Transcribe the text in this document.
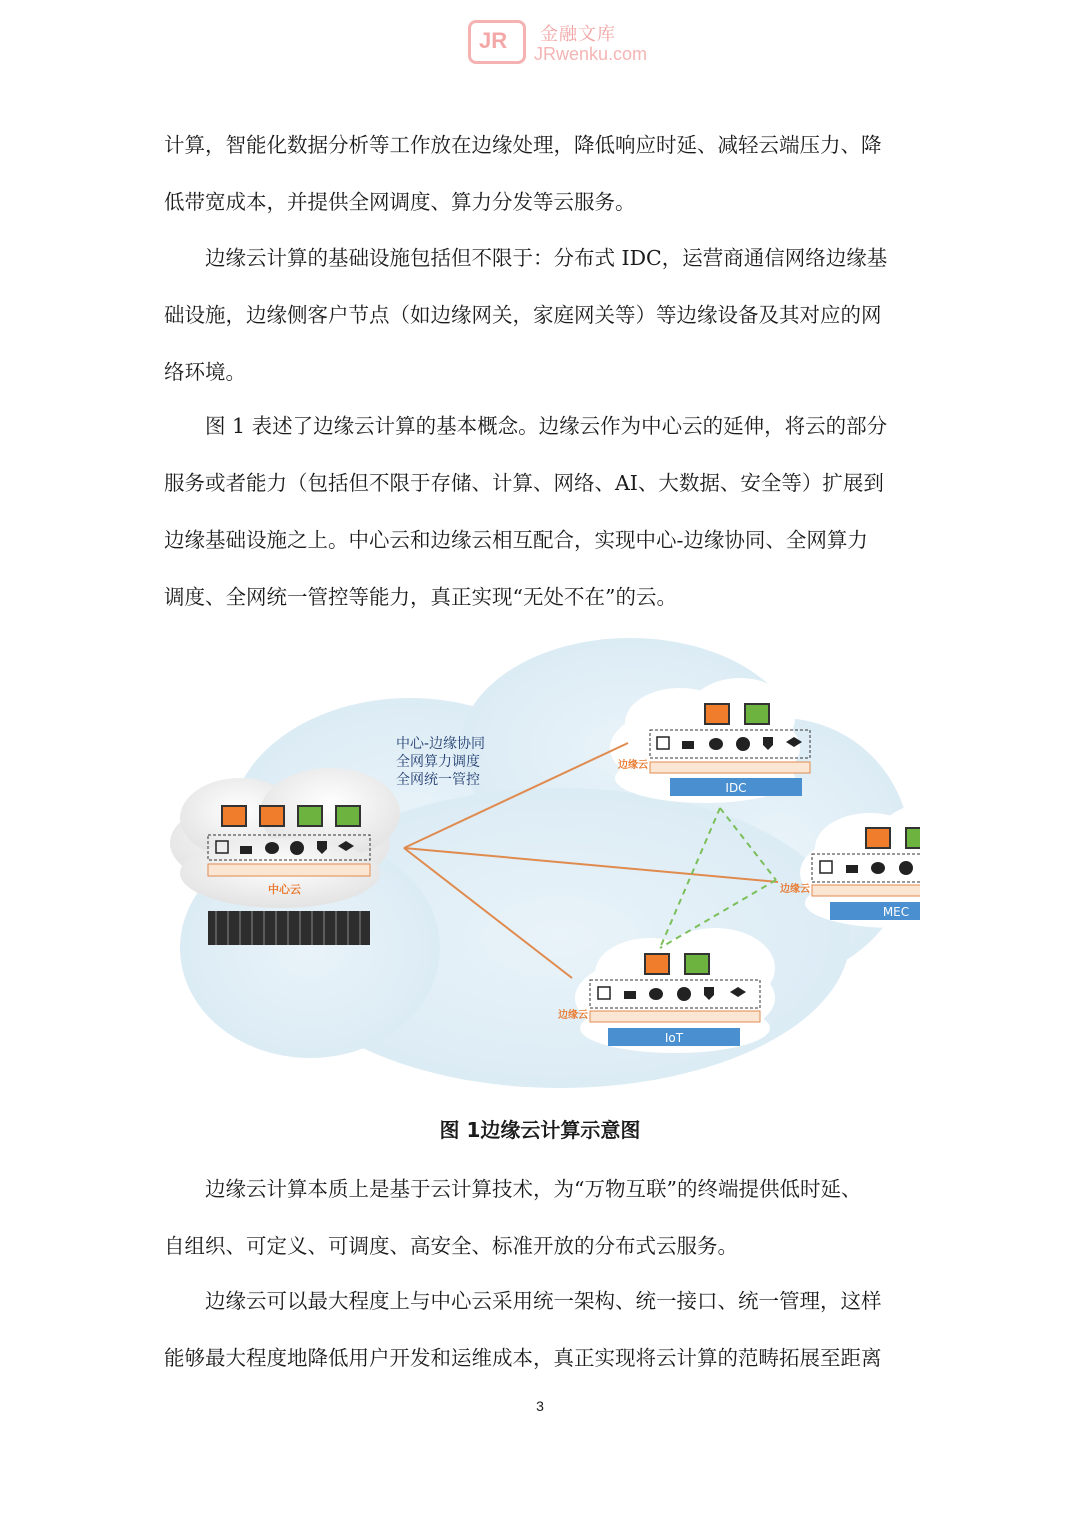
JR 金融文库
JRwenku.com
计算，智能化数据分析等工作放在边缘处理，降低响应时延、减轻云端压力、降
低带宽成本，并提供全网调度、算力分发等云服务。
　　边缘云计算的基础设施包括但不限于：分布式 IDC，运营商通信网络边缘基
础设施，边缘侧客户节点（如边缘网关，家庭网关等）等边缘设备及其对应的网
络环境。
　　图 1 表述了边缘云计算的基本概念。边缘云作为中心云的延伸，将云的部分
服务或者能力（包括但不限于存储、计算、网络、AI、大数据、安全等）扩展到
边缘基础设施之上。中心云和边缘云相互配合，实现中心-边缘协同、全网算力
调度、全网统一管控等能力，真正实现“无处不在”的云。
中心-边缘协同
全网算力调度
全网统一管控
中心云
边缘云
IDC
边缘云
MEC
边缘云
IoT
图 1边缘云计算示意图
　　边缘云计算本质上是基于云计算技术，为“万物互联”的终端提供低时延、
自组织、可定义、可调度、高安全、标准开放的分布式云服务。
　　边缘云可以最大程度上与中心云采用统一架构、统一接口、统一管理，这样
能够最大程度地降低用户开发和运维成本，真正实现将云计算的范畴拓展至距离
3
